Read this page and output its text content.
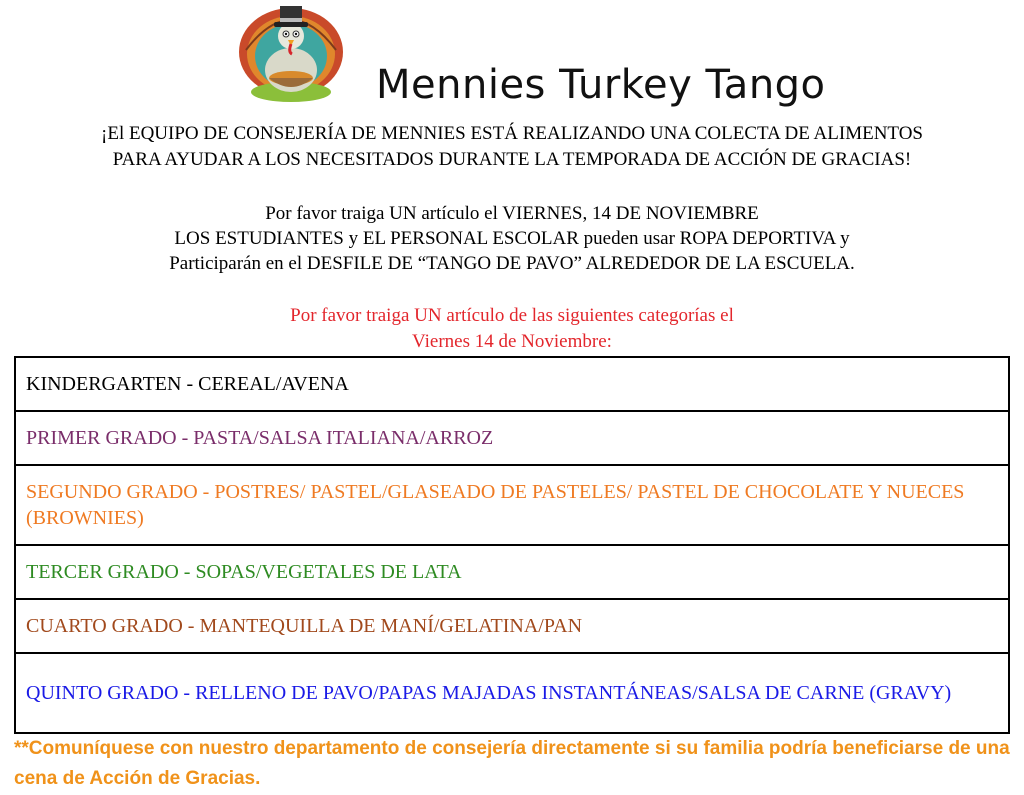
Mennies Turkey Tango
¡El EQUIPO DE CONSEJERÍA DE MENNIES ESTÁ REALIZANDO UNA COLECTA DE ALIMENTOS
PARA AYUDAR A LOS NECESITADOS DURANTE LA TEMPORADA DE ACCIÓN DE GRACIAS!
Por favor traiga UN artículo el VIERNES, 14 DE NOVIEMBRE
LOS ESTUDIANTES y EL PERSONAL ESCOLAR pueden usar ROPA DEPORTIVA y
Participarán en el DESFILE DE “TANGO DE PAVO” ALREDEDOR DE LA ESCUELA.
Por favor traiga UN artículo de las siguientes categorías el
Viernes 14 de Noviembre:
KINDERGARTEN - CEREAL/AVENA
PRIMER GRADO - PASTA/SALSA ITALIANA/ARROZ
SEGUNDO GRADO - POSTRES/ PASTEL/GLASEADO DE PASTELES/ PASTEL DE CHOCOLATE Y NUECES (BROWNIES)
TERCER GRADO - SOPAS/VEGETALES DE LATA
CUARTO GRADO - MANTEQUILLA DE MANÍ/GELATINA/PAN
QUINTO GRADO - RELLENO DE PAVO/PAPAS MAJADAS INSTANTÁNEAS/SALSA DE CARNE (GRAVY)
**Comuníquese con nuestro departamento de consejería directamente si su familia podría beneficiarse de una cena de Acción de Gracias.
